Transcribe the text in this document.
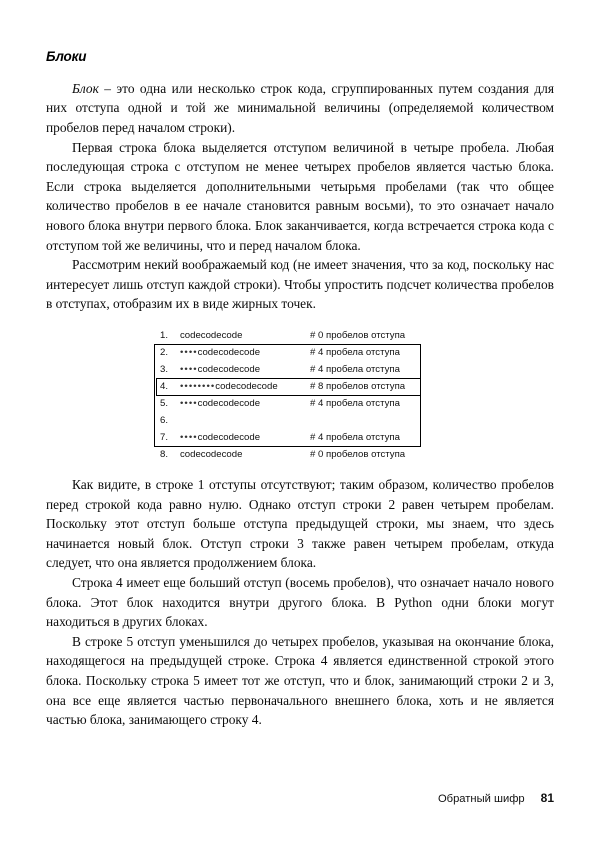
Блоки

Блок – это одна или несколько строк кода, сгруппированных путем создания для них отступа одной и той же минимальной величины (определяемой количеством пробелов перед началом строки).

Первая строка блока выделяется отступом величиной в четыре пробела. Любая последующая строка с отступом не менее четырех пробелов является частью блока. Если строка выделяется дополнительными четырьмя пробелами (так что общее количество пробелов в ее начале становится равным восьми), то это означает начало нового блока внутри первого блока. Блок заканчивается, когда встречается строка кода с отступом той же величины, что и перед началом блока.

Рассмотрим некий воображаемый код (не имеет значения, что за код, поскольку нас интересует лишь отступ каждой строки). Чтобы упростить подсчет количества пробелов в отступах, отобразим их в виде жирных точек.

1.	codecodecode	# 0 пробелов отступа
2.	••••codecodecode	# 4 пробела отступа
3.	••••codecodecode	# 4 пробела отступа
4.	••••••••codecodecode	# 8 пробелов отступа
5.	••••codecodecode	# 4 пробела отступа
6.
7.	••••codecodecode	# 4 пробела отступа
8.	codecodecode	# 0 пробелов отступа

Как видите, в строке 1 отступы отсутствуют; таким образом, количество пробелов перед строкой кода равно нулю. Однако отступ строки 2 равен четырем пробелам. Поскольку этот отступ больше отступа предыдущей строки, мы знаем, что здесь начинается новый блок. Отступ строки 3 также равен четырем пробелам, откуда следует, что она является продолжением блока.

Строка 4 имеет еще больший отступ (восемь пробелов), что означает начало нового блока. Этот блок находится внутри другого блока. В Python одни блоки могут находиться в других блоках.

В строке 5 отступ уменьшился до четырех пробелов, указывая на окончание блока, находящегося на предыдущей строке. Строка 4 является единственной строкой этого блока. Поскольку строка 5 имеет тот же отступ, что и блок, занимающий строки 2 и 3, она все еще является частью первоначального внешнего блока, хоть и не является частью блока, занимающего строку 4.

Обратный шифр 81
